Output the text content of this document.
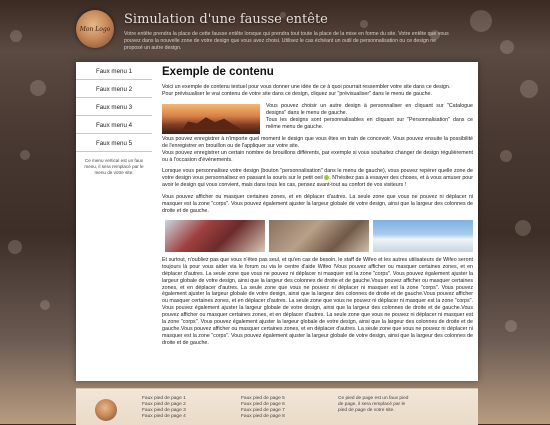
Mon Logo
Simulation d'une fausse entête

Votre entête prendra la place de cette fausse entête lorsque qui prendra tout toute la place de la mise en forme du site. Votre entête que vous pouvez dans la nouvelle zone de votre design que vous avez choisi. Utilisez le cas échéant un outil de personnalisation ou ce design ne proposé un autre design.

Faux menu 1
Faux menu 2
Faux menu 3
Faux menu 4
Faux menu 5
Ce menu vertical est un faux menu, il sera remplacé par le menu de votre site.
Exemple de contenu

Voici un exemple de contenu textuel pour vous donner une idée de ce à quoi pourrait ressembler votre site dans ce design.

Pour prévisualiser le vrai contenu de votre site dans ce design, cliquez sur "prévisualiser" dans le menu de gauche.

Vous pouvez choisir un autre design à personnaliser en cliquant sur "Catalogue designs" dans le menu de gauche.

Tous les designs sont personnalisables en cliquant sur "Personnalisation" dans ce même menu de gauche.

Vous pouvez enregistrer à n'importe quel moment le design que vous êtes en train de concevoir. Vous pouvez ensuite la possibilité de l'enregistrer en brouillon ou de l'appliquer sur votre site.

Vous pouvez enregistrer un certain nombre de brouillons différents, par exemple si vous souhaitez changer de design régulièrement ou à l'occasion d'événements.

Lorsque vous personnalisez votre design (bouton "personnalisation" dans le menu de gauche), vous pouvez repérer quelle zone de votre design vous personnalisez en passant la souris sur le petit oeil . N'hésitez pas à essayer des choses, et à vous amuser pour avoir le design qui vous convient, mais dans tous les cas, pensez avant-tout au confort de vos visiteurs !

Vous pouvez afficher ou masquer certaines zones, et en déplacer d'autres. La seule zone que vous ne pouvez ni déplacer ni masquer est la zone "corps". Vous pouvez également ajuster la largeur globale de votre design, ainsi que la largeur des colonnes de droite et de gauche.

Et surtout, n'oubliez pas que vous n'êtes pas seul, et qu'en cas de besoin, le staff de Wifeo et les autres utilisateurs de Wifeo seront toujours là pour vous aider via le forum ou via le centre d'aide Wifeo !Vous pouvez afficher ou masquer certaines zones, et en déplacer d'autres. La seule zone que vous ne pouvez ni déplacer ni masquer est la zone "corps". Vous pouvez également ajuster la largeur globale de votre design, ainsi que la largeur des colonnes de droite et de gauche.Vous pouvez afficher ou masquer certaines zones, et en déplacer d'autres. La seule zone que vous ne pouvez ni déplacer ni masquer est la zone "corps". Vous pouvez également ajuster la largeur globale de votre design, ainsi que la largeur des colonnes de droite et de gauche.Vous pouvez afficher ou masquer certaines zones, et en déplacer d'autres. La seule zone que vous ne pouvez ni déplacer ni masquer est la zone "corps". Vous pouvez également ajuster la largeur globale de votre design, ainsi que la largeur des colonnes de droite et de gauche.Vous pouvez afficher ou masquer certaines zones, et en déplacer d'autres. La seule zone que vous ne pouvez ni déplacer ni masquer est la zone "corps". Vous pouvez également ajuster la largeur globale de votre design, ainsi que la largeur des colonnes de droite et de gauche.Vous pouvez afficher ou masquer certaines zones, et en déplacer d'autres. La seule zone que vous ne pouvez ni déplacer ni masquer est la zone "corps". Vous pouvez également ajuster la largeur globale de votre design, ainsi que la largeur des colonnes de droite et de gauche.

Faux pied de page 1
Faux pied de page 2
Faux pied de page 3
Faux pied de page 4
Faux pied de page 5
Faux pied de page 6
Faux pied de page 7
Faux pied de page 8
Ce pied de page est un faux pied de page, il sera remplacé par le pied de page de votre site.
